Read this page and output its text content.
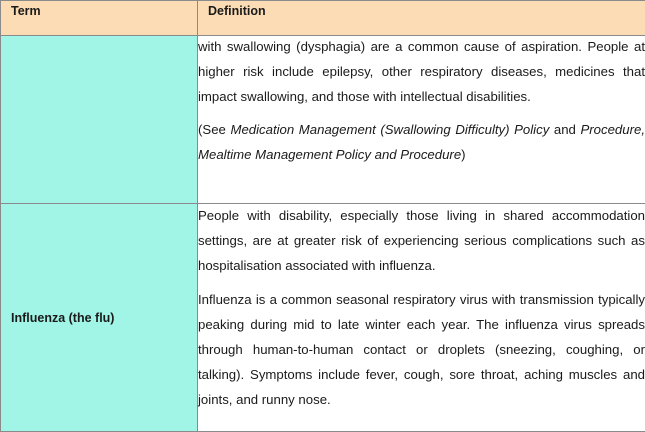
Term	Definition

	with swallowing (dysphagia) are a common cause of aspiration. People at higher risk include epilepsy, other respiratory diseases, medicines that impact swallowing, and those with intellectual disabilities.

(See Medication Management (Swallowing Difficulty) Policy and Procedure, Mealtime Management Policy and Procedure)

Influenza (the flu)	People with disability, especially those living in shared accommodation settings, are at greater risk of experiencing serious complications such as hospitalisation associated with influenza.

Influenza is a common seasonal respiratory virus with transmission typically peaking during mid to late winter each year. The influenza virus spreads through human-to-human contact or droplets (sneezing, coughing, or talking). Symptoms include fever, cough, sore throat, aching muscles and joints, and runny nose.
